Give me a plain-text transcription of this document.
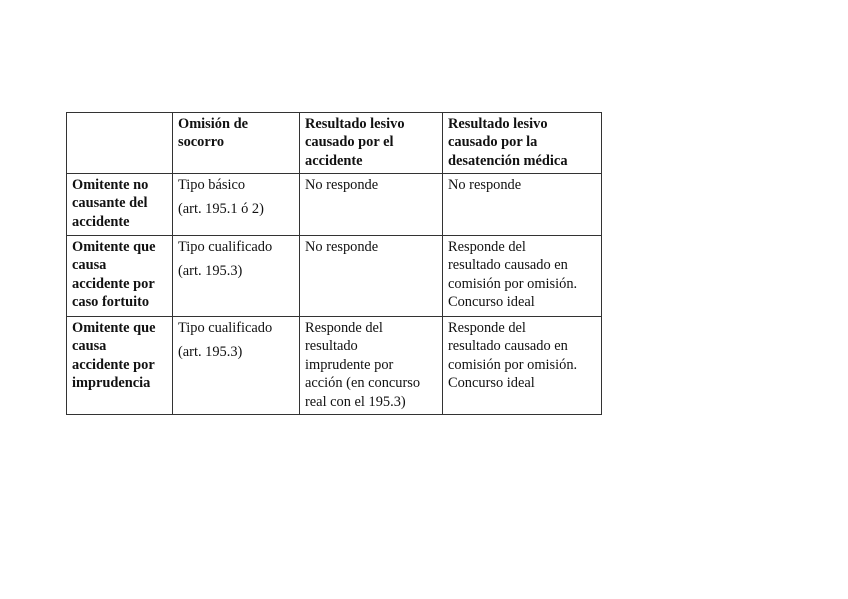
	Omisión de
socorro	Resultado lesivo
causado por el
accidente	Resultado lesivo
causado por la
desatención médica

Omitente no
causante del
accidente	Tipo básico
(art. 195.1 ó 2)	No responde	No responde

Omitente que
causa
accidente por
caso fortuito	Tipo cualificado
(art. 195.3)	No responde	Responde del
resultado causado en
comisión por omisión.
Concurso ideal

Omitente que
causa
accidente por
imprudencia	Tipo cualificado
(art. 195.3)	Responde del
resultado
imprudente por
acción (en concurso
real con el 195.3)	Responde del
resultado causado en
comisión por omisión.
Concurso ideal
